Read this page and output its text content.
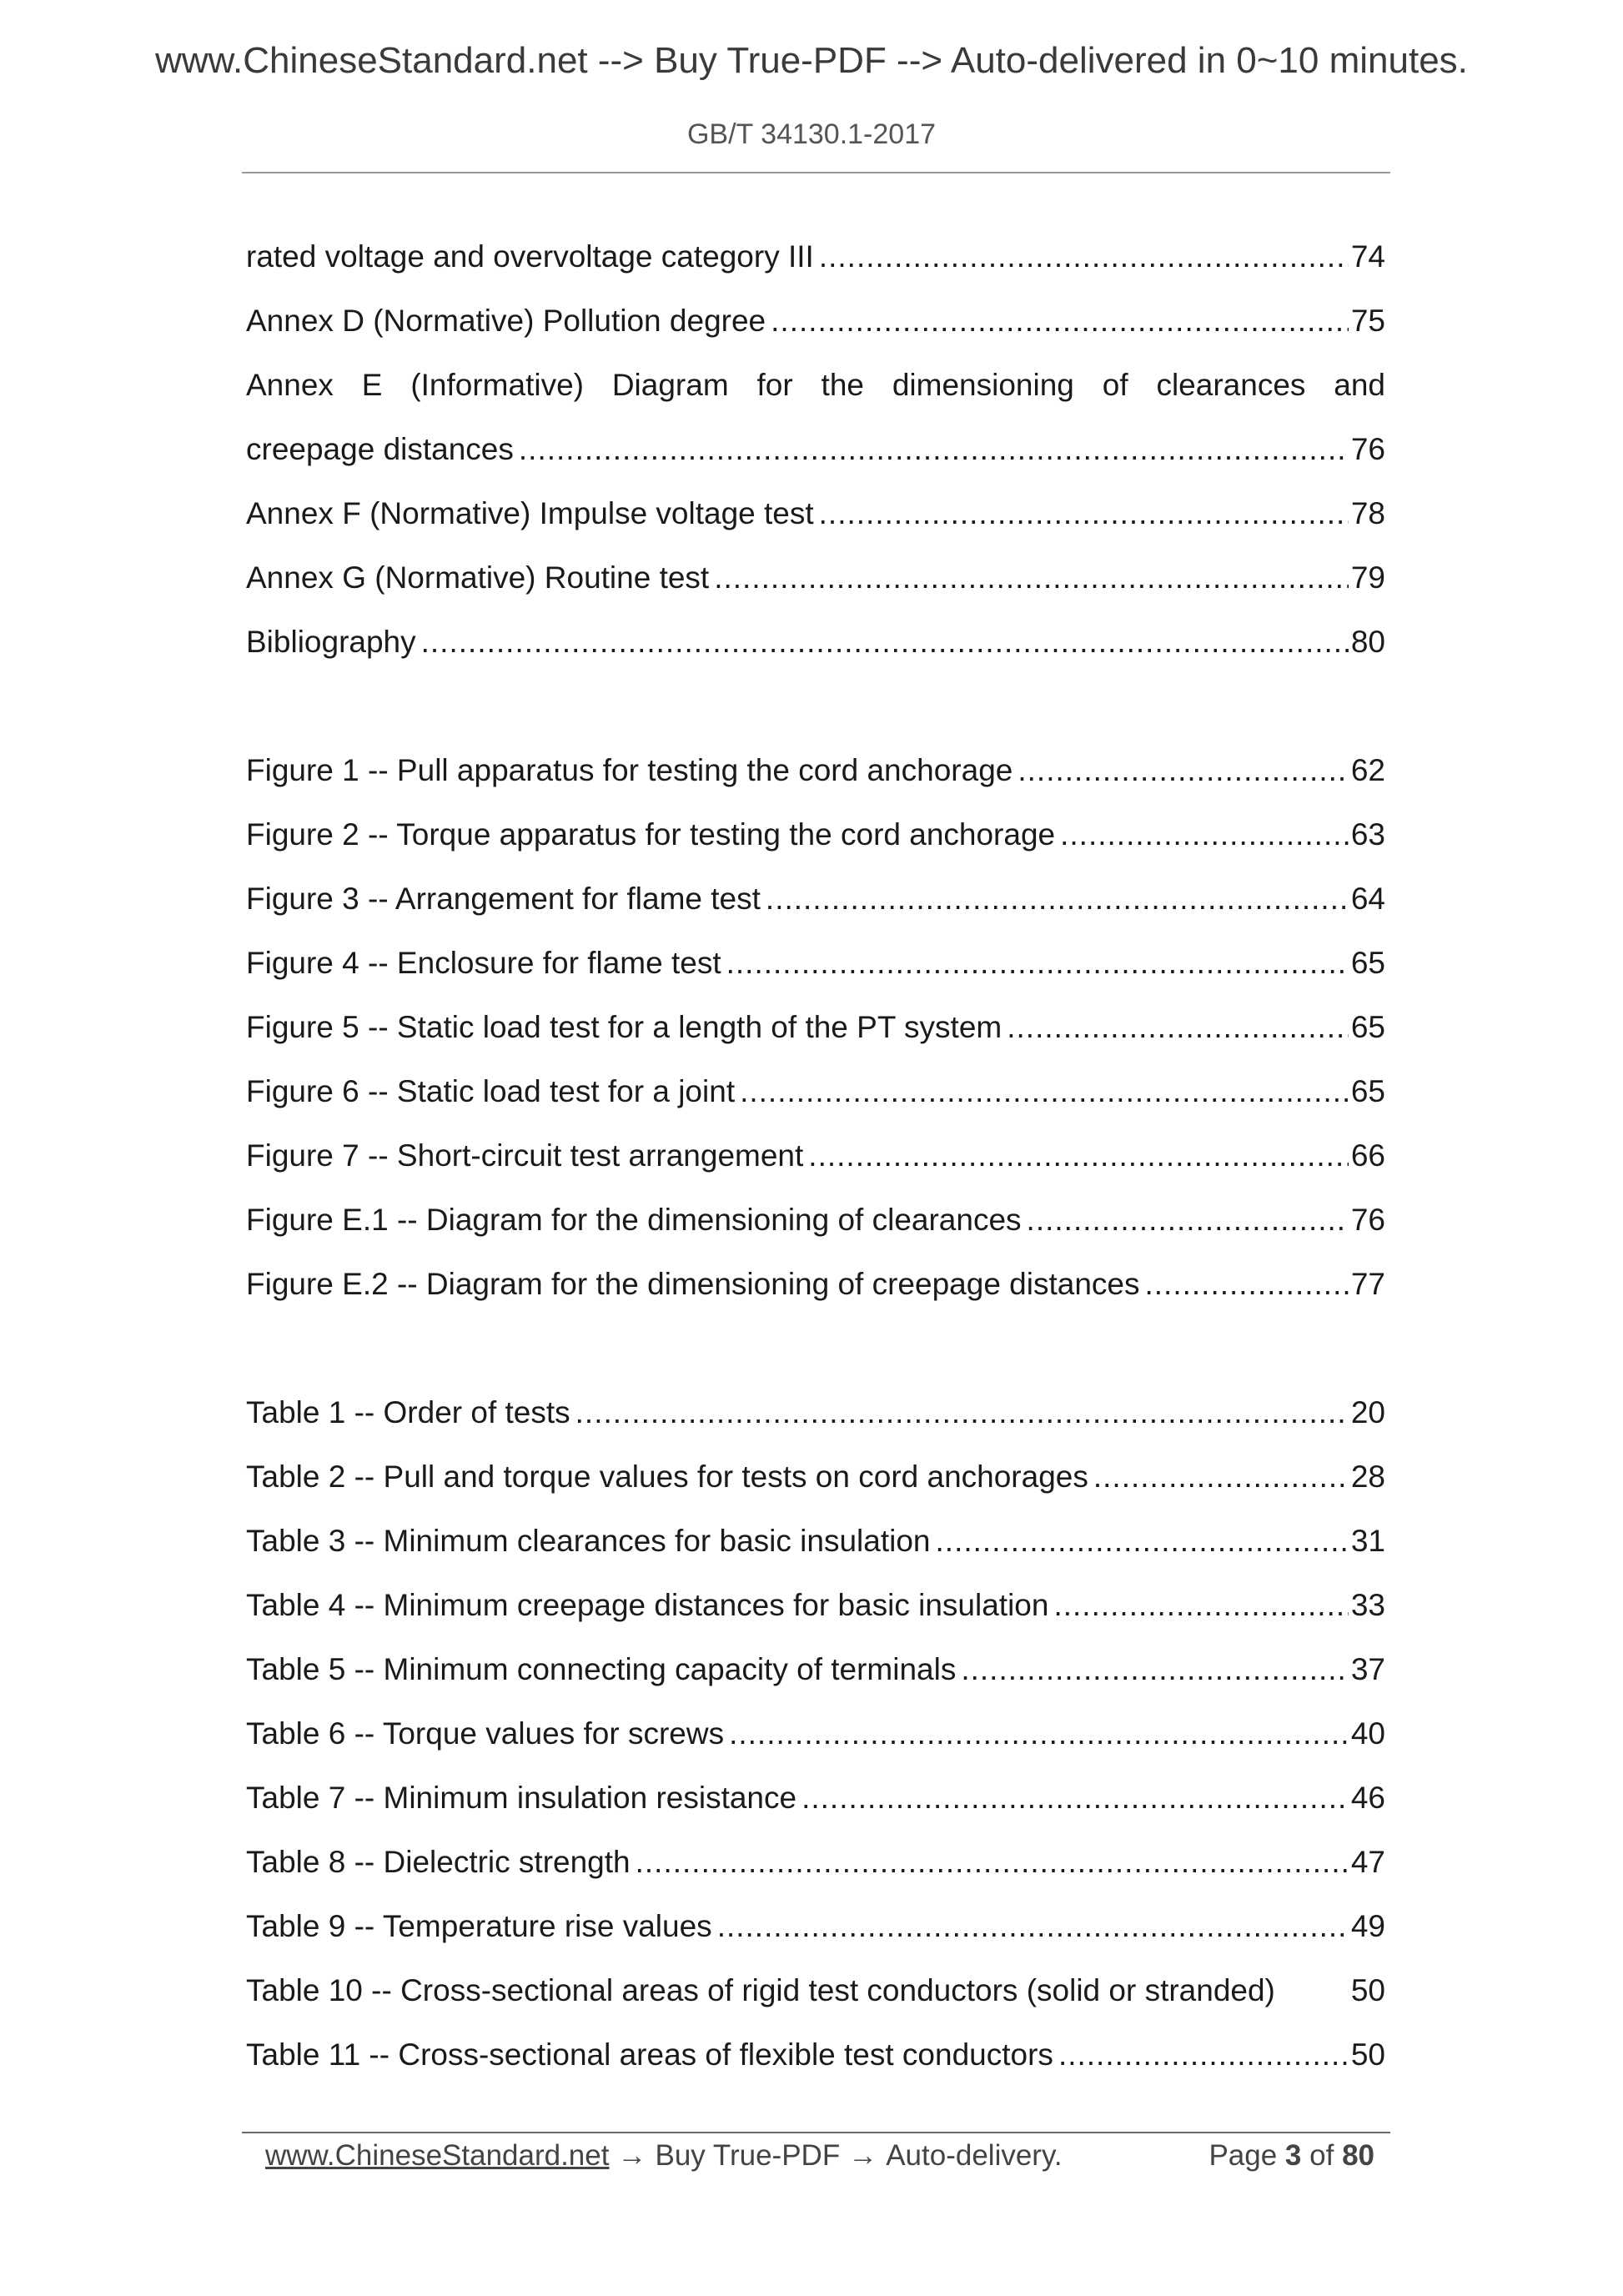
www.ChineseStandard.net --> Buy True-PDF --> Auto-delivered in 0~10 minutes.
GB/T 34130.1-2017
rated voltage and overvoltage category III .....	74
Annex D (Normative) Pollution degree .....	75
Annex E (Informative) Diagram for the dimensioning of clearances and
creepage distances .....	76
Annex F (Normative) Impulse voltage test .....	78
Annex G (Normative) Routine test .....	79
Bibliography .....	80
Figure 1 -- Pull apparatus for testing the cord anchorage .....	62
Figure 2 -- Torque apparatus for testing the cord anchorage .....	63
Figure 3 -- Arrangement for flame test .....	64
Figure 4 -- Enclosure for flame test .....	65
Figure 5 -- Static load test for a length of the PT system .....	65
Figure 6 -- Static load test for a joint .....	65
Figure 7 -- Short-circuit test arrangement .....	66
Figure E.1 -- Diagram for the dimensioning of clearances .....	76
Figure E.2 -- Diagram for the dimensioning of creepage distances .....	77
Table 1 -- Order of tests .....	20
Table 2 -- Pull and torque values for tests on cord anchorages .....	28
Table 3 -- Minimum clearances for basic insulation .....	31
Table 4 -- Minimum creepage distances for basic insulation .....	33
Table 5 -- Minimum connecting capacity of terminals .....	37
Table 6 -- Torque values for screws .....	40
Table 7 -- Minimum insulation resistance .....	46
Table 8 -- Dielectric strength .....	47
Table 9 -- Temperature rise values .....	49
Table 10 -- Cross-sectional areas of rigid test conductors (solid or stranded) 50
Table 11 -- Cross-sectional areas of flexible test conductors .....	50
www.ChineseStandard.net → Buy True-PDF → Auto-delivery.	Page 3 of 80
